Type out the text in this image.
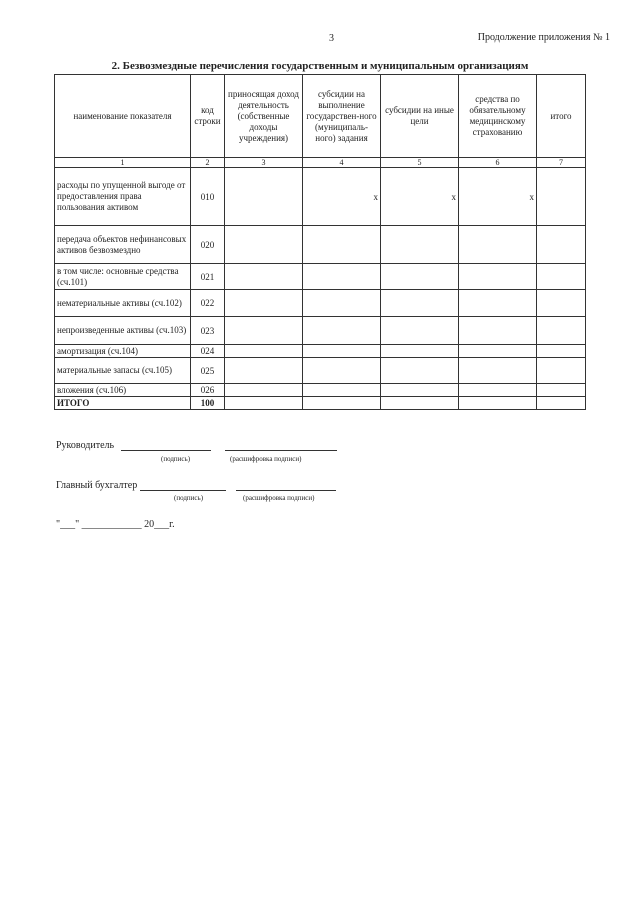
3	Продолжение приложения № 1
2. Безвозмездные перечисления государственным и муниципальным организациям
наименование показателя	код строки	приносящая доход деятельность (собственные доходы учреждения)	субсидии на выполнение государствен-ного (муниципаль-ного) задания	субсидии на иные цели	средства по обязательному медицинскому страхованию	итого
1	2	3	4	5	6	7
расходы по упущенной выгоде от предоставления права пользования активом	010		x	x	x	
передача объектов нефинансовых активов безвозмездно	020					
в том числе: основные средства (сч.101)	021					
нематериальные активы (сч.102)	022					
непроизведенные активы (сч.103)	023					
амортизация (сч.104)	024					
материальные запасы (сч.105)	025					
вложения (сч.106)	026					
ИТОГО	100					
Руководитель
(подпись)	(расшифровка подписи)
Главный бухгалтер
(подпись)	(расшифровка подписи)
"___" ____________ 20___г.
